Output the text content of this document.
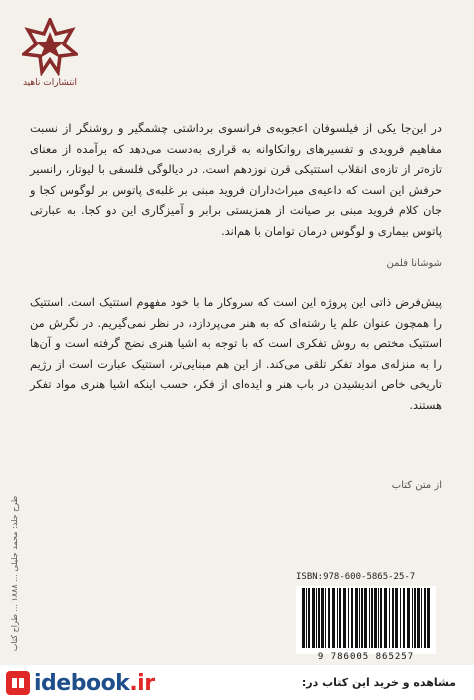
انتشارات ناهید
در این‌جا یکی از فیلسوفان اعجوبه‌ی فرانسوی برداشتی چشمگیر و روشنگر از نسبت مفاهیم فرویدی و تفسیرهای روانکاوانه به قراری به‌دست می‌دهد که برآمده از معنای تازه‌تر از تازه‌ی انقلاب استتیکی قرن نوزدهم است. در دیالوگی فلسفی با لیوتار، رانسیر حرفش این است که داعیه‌ی میراث‌داران فروید مبنی بر غلبه‌ی پاتوس بر لوگوس کجا و جان کلام فروید مبنی بر صیانت از همزیستی برابر و آمیزگاری این دو کجا. به عبارتی پاتوس بیماری و لوگوس درمان توامان با هم‌اند.
شوشانا فلمن
پیش‌فرض ذاتی این پروژه این است که سروکار ما با خود مفهوم استتیک است. استتیک را همچون عنوان علم یا رشته‌ای که به هنر می‌پردازد، در نظر نمی‌گیریم. در نگرش من استتیک مختص به روش تفکری است که با توجه به اشیا هنری نضج گرفته است و آن‌ها را به منزله‌ی مواد تفکر تلقی می‌کند. از این هم مبنایی‌تر، استتیک عبارت است از رژیم تاریخی خاص اندیشیدن در باب هنر و ایده‌ای از فکر، حسب اینکه اشیا هنری مواد تفکر هستند.
از متن کتاب
طرح جلد: محمد جلیلی ... ۱۸۸۸ ... طراح کتاب	ISBN:978-600-5865-25-7
9 786005 865257
idebook.ir	مشاهده و خرید این کتاب در:
